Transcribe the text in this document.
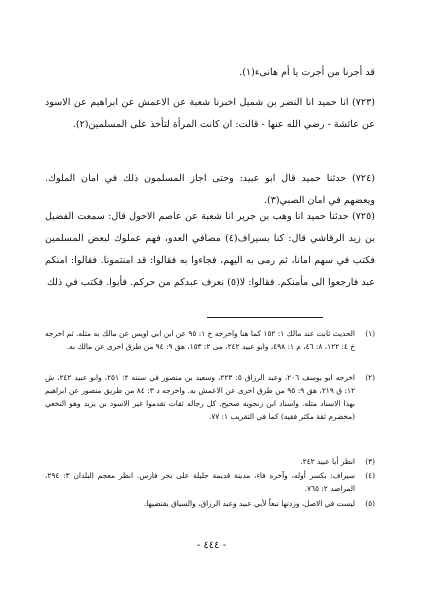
قد أجرنا من أجرت يا أم هانىء(١).
(٧٢٣) انا حميد انا النضر بن شميل اخبرنا شعبة عن الاعمش عن ابراهيم عن الاسود عن عائشة - رضي الله عنها - قالت: ان كانت المرأة لتأخذ على المسلمين(٢).
(٧٢٤) حدثنا حميد قال ابو عبيد: وحتى اجاز المسلمون ذلك في امان الملوك. ويعضهم في امان الصبي(٣).
(٧٢٥) حدثنا حميد انا وهب بن جرير انا شعبة عن عاصم الاحول قال: سمعت الفضيل بن زيد الرقاشي قال: كنا بسيراف(٤) مصافي العدو، فهم عملوك لبعض المسلمين فكتب في سهم امانا، ثم رمى به اليهم، فجاءوا به فقالوا: قد امنتمونا. فقالوا: امنكم عبد فارجعوا الى مأمنكم. فقالوا: لا(٥) نعرف عبدكم من حركم. فأبوا. فكتب في ذلك
(١)
الحديث ثابت عند مالك ١: ١٥٢ كما هنا واخرجه خ ١: ٩٥ عن ابن ابي اويس عن مالك به مثله. ثم اخرجه خ ٤: ١٢٢، ٨: ٤٦، م ١: ٤٩٨، وابو عبيد ٢٤٢، مى ٢: ١٥٣، هق ٩: ٩٤ من طرق اخرى عن مالك به.
(٢)
اخرجه ابو يوسف ٢٠٦، وعبد الرزاق ٥: ٢٢٣، وسعيد بن منصور في سننه ٢: ٢٥١، وابو عبيد ٢٤٢، ش ١٢: ق ٢١٩، هق ٩: ٩٥ من طرق اخرى عن الاعمش به. واخرجه د ٣: ٨٤ من طريق منصور عن ابراهيم بهذا الاسناد مثله. واسناد ابن زنجويه صحيح. كل رجاله ثقات تقدموا غير الاسود بن يزيد وهو النخعي (مخضرم ثقة مكثر فقيه) كما في التقريب ١: ٧٧.
(٣)
انظر أبا عبيد ٢٤٢.
(٤)
سيراف: بكسر أوله، وآخره فاء، مدينة قديمة جليلة على بحر فارس. انظر معجم البلدان ٣: ٢٩٤، المراصد ٢: ٧٦٥.
(٥)
ليست في الاصل، وزدتها تبعاً لأبي عبيد وعبد الرزاق، والسياق يقتضيها.
- ٤٤٤ -
